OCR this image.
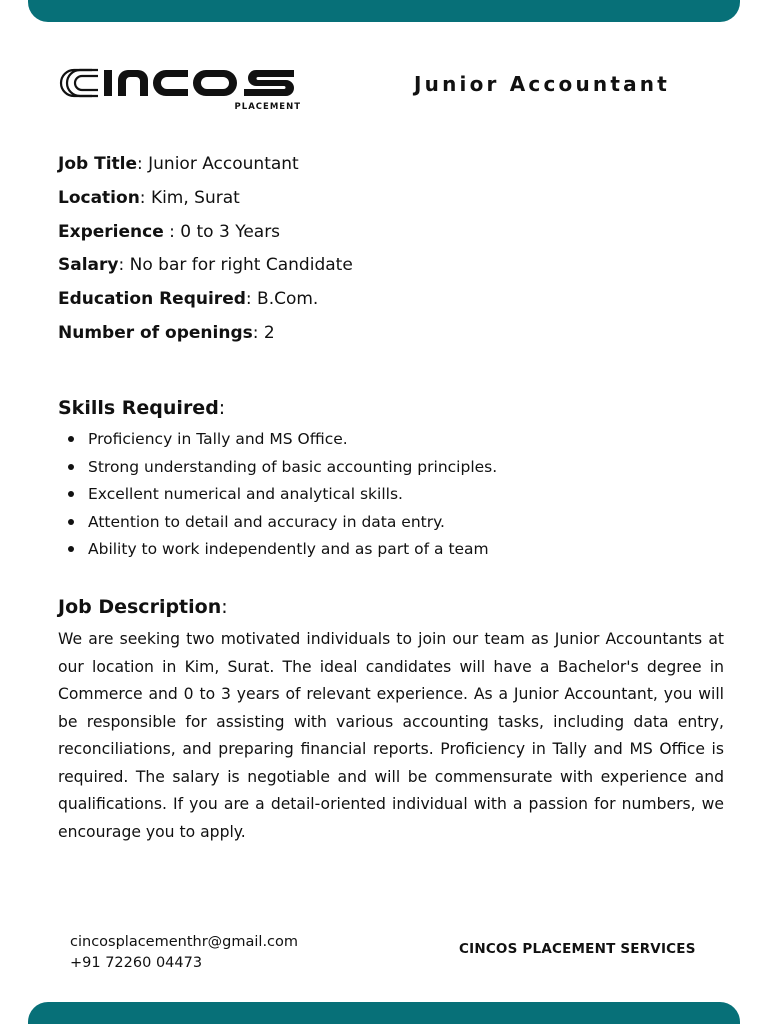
PLACEMENT
Junior Accountant
Job Title: Junior Accountant
Location: Kim, Surat
Experience : 0 to 3 Years
Salary: No bar for right Candidate
Education Required: B.Com.
Number of openings: 2
Skills Required:
Proficiency in Tally and MS Office.
Strong understanding of basic accounting principles.
Excellent numerical and analytical skills.
Attention to detail and accuracy in data entry.
Ability to work independently and as part of a team
Job Description:

We are seeking two motivated individuals to join our team as Junior Accountants at our location in Kim, Surat. The ideal candidates will have a Bachelor's degree in Commerce and 0 to 3 years of relevant experience. As a Junior Accountant, you will be responsible for assisting with various accounting tasks, including data entry, reconciliations, and preparing financial reports. Proficiency in Tally and MS Office is required. The salary is negotiable and will be commensurate with experience and qualifications. If you are a detail-oriented individual with a passion for numbers, we encourage you to apply.

cincosplacementhr@gmail.com
+91 72260 04473
CINCOS PLACEMENT SERVICES
